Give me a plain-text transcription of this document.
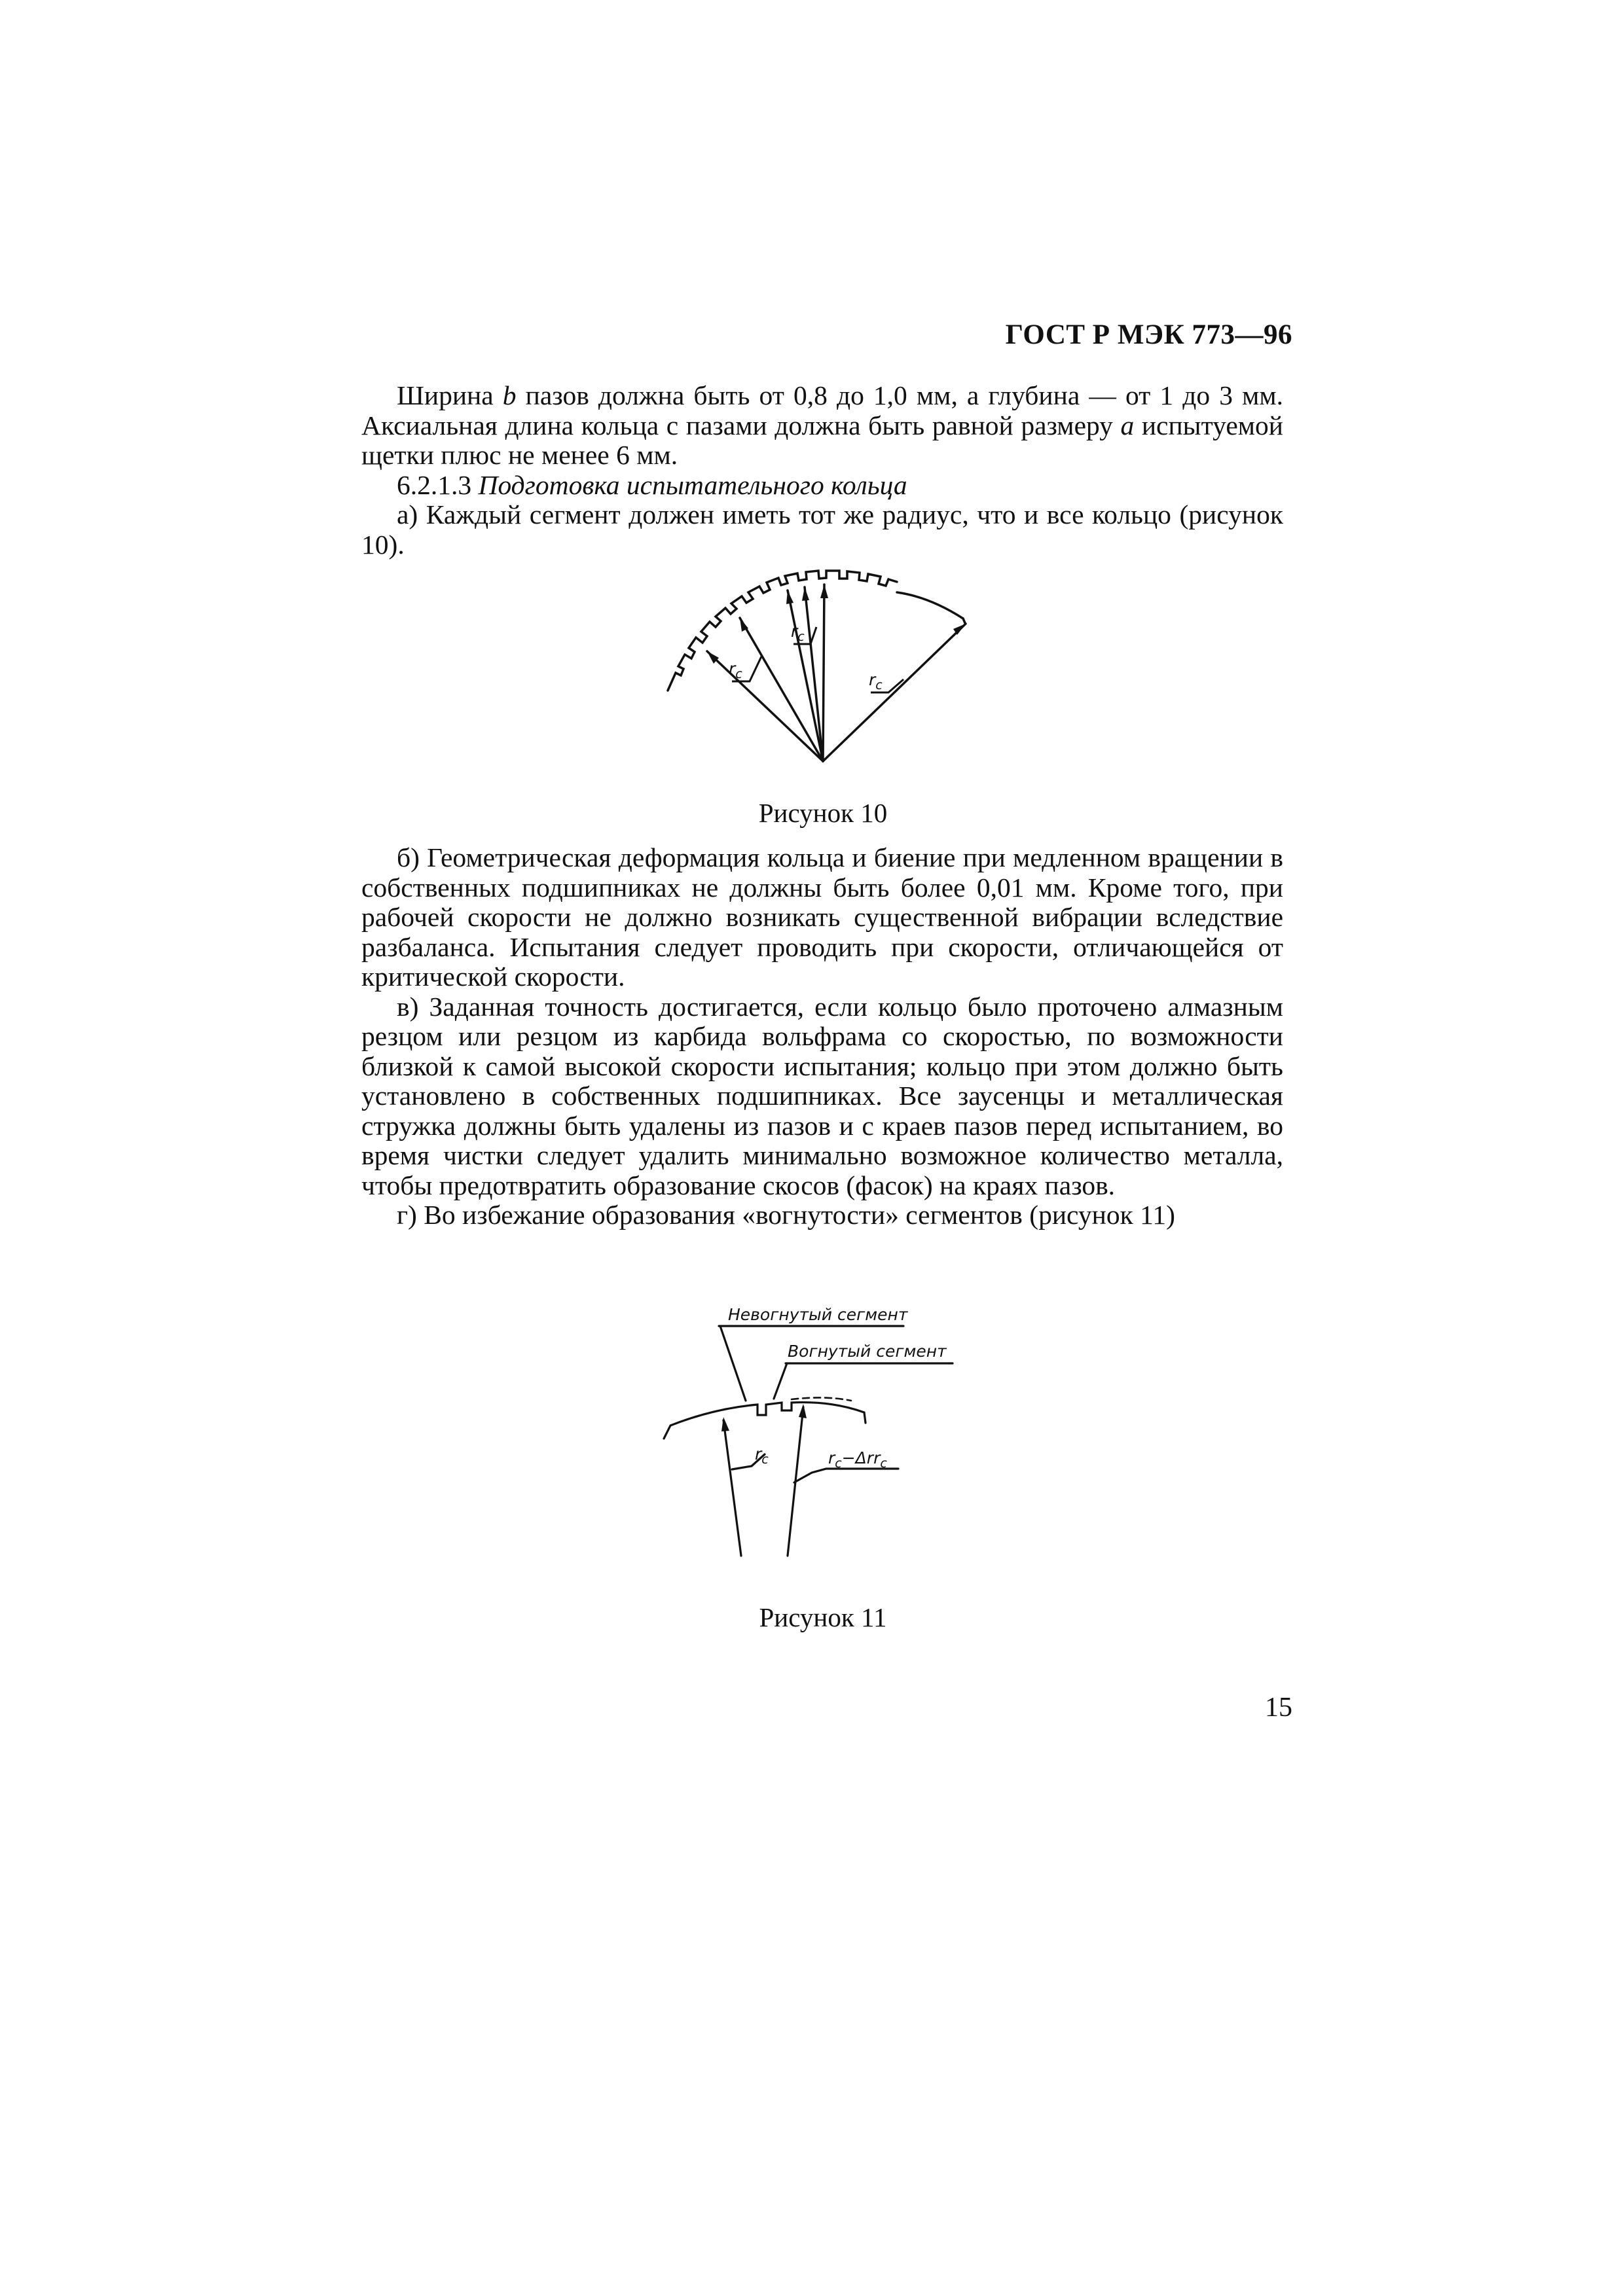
ГОСТ Р МЭК 773—96

Ширина b пазов должна быть от 0,8 до 1,0 мм, а глубина — от 1 до 3 мм. Аксиальная длина кольца с пазами должна быть равной размеру a испытуемой щетки плюс не менее 6 мм.

6.2.1.3 Подготовка испытательного кольца

а) Каждый сегмент должен иметь тот же радиус, что и все кольцо (рисунок 10).

$r_c$
$r_c$
$r_c$
Рисунок 10

б) Геометрическая деформация кольца и биение при медленном вращении в собственных подшипниках не должны быть более 0,01 мм. Кроме того, при рабочей скорости не должно возникать существенной вибрации вследствие разбаланса. Испытания следует проводить при скорости, отличающейся от критической скорости.

в) Заданная точность достигается, если кольцо было проточено алмазным резцом или резцом из карбида вольфрама со скоростью, по возможности близкой к самой высокой скорости испытания; кольцо при этом должно быть установлено в собственных подшипниках. Все заусенцы и металлическая стружка должны быть удалены из пазов и с краев пазов перед испытанием, во время чистки следует удалить минимально возможное количество металла, чтобы предотвратить образование скосов (фасок) на краях пазов.

г) Во избежание образования «вогнутости» сегментов (рисунок 11)

Невогнутый сегмент
Вогнутый сегмент
$r_c$	$r_c-\Delta rr_c$
Рисунок 11
15
